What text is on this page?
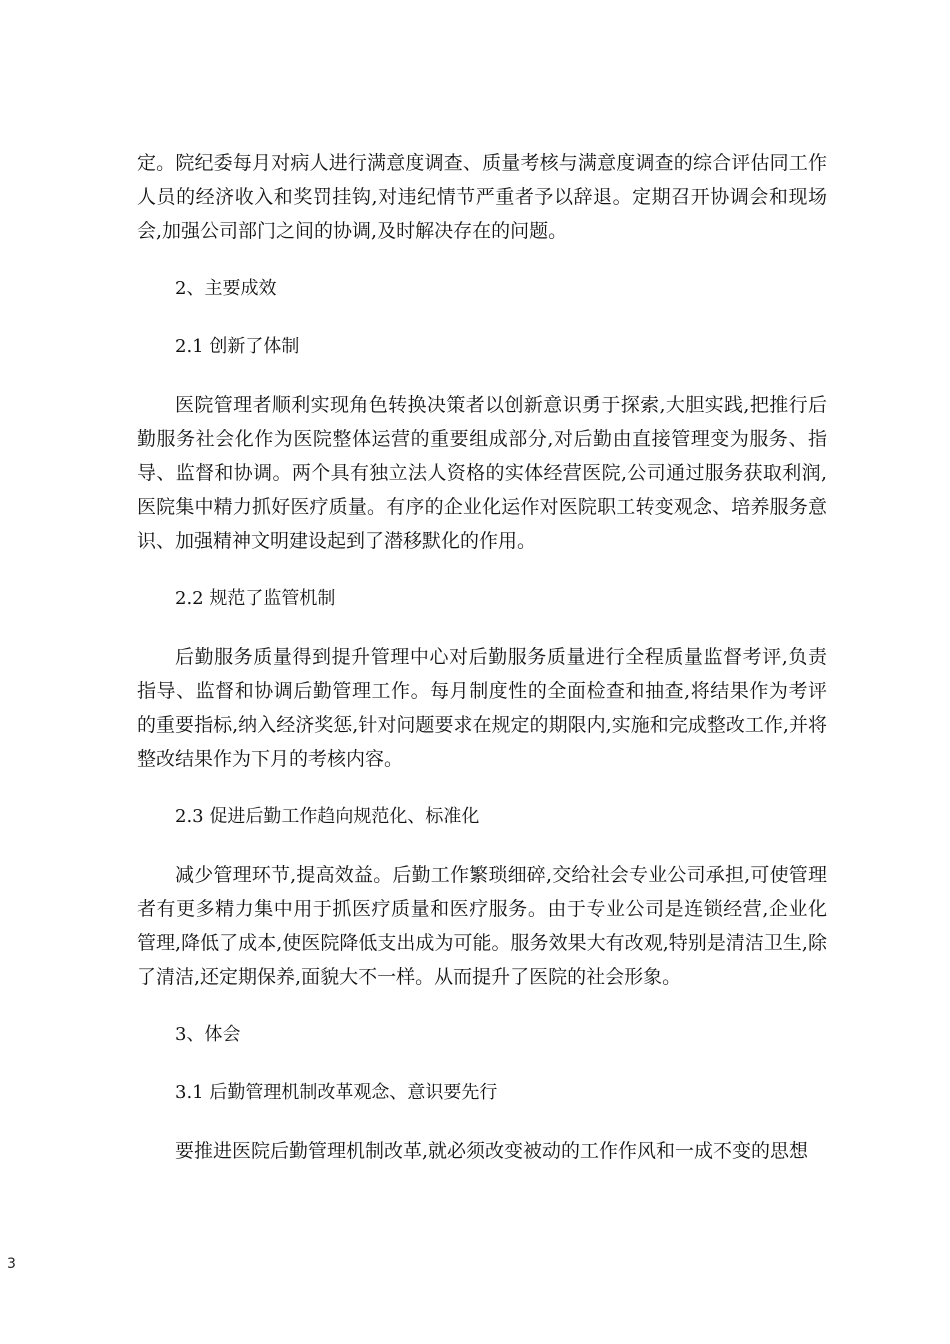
定。院纪委每月对病人进行满意度调查、质量考核与满意度调查的综合评估同工作人员的经济收入和奖罚挂钩,对违纪情节严重者予以辞退。定期召开协调会和现场会,加强公司部门之间的协调,及时解决存在的问题。

2、主要成效

2.1 创新了体制

医院管理者顺利实现角色转换决策者以创新意识勇于探索,大胆实践,把推行后勤服务社会化作为医院整体运营的重要组成部分,对后勤由直接管理变为服务、指导、监督和协调。两个具有独立法人资格的实体经营医院,公司通过服务获取利润,医院集中精力抓好医疗质量。有序的企业化运作对医院职工转变观念、培养服务意识、加强精神文明建设起到了潜移默化的作用。

2.2 规范了监管机制

后勤服务质量得到提升管理中心对后勤服务质量进行全程质量监督考评,负责指导、监督和协调后勤管理工作。每月制度性的全面检查和抽查,将结果作为考评的重要指标,纳入经济奖惩,针对问题要求在规定的期限内,实施和完成整改工作,并将整改结果作为下月的考核内容。

2.3 促进后勤工作趋向规范化、标准化

减少管理环节,提高效益。后勤工作繁琐细碎,交给社会专业公司承担,可使管理者有更多精力集中用于抓医疗质量和医疗服务。由于专业公司是连锁经营,企业化管理,降低了成本,使医院降低支出成为可能。服务效果大有改观,特别是清洁卫生,除了清洁,还定期保养,面貌大不一样。从而提升了医院的社会形象。

3、体会

3.1 后勤管理机制改革观念、意识要先行

要推进医院后勤管理机制改革,就必须改变被动的工作作风和一成不变的思想

3
